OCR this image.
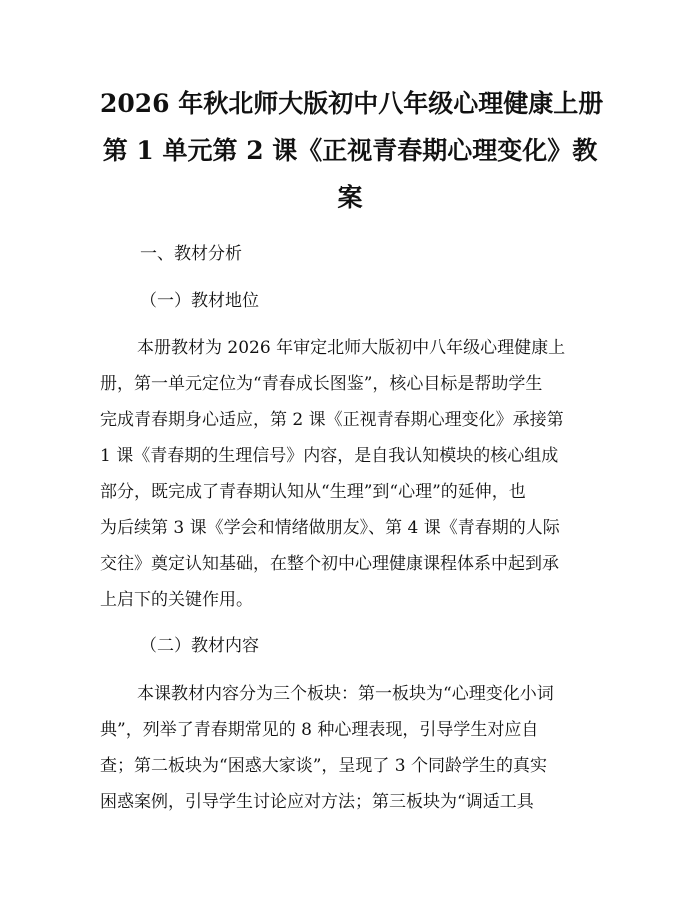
2026 年秋北师大版初中八年级心理健康上册
第 1 单元第 2 课《正视青春期心理变化》教
案

一、教材分析

（一）教材地位

本册教材为 2026 年审定北师大版初中八年级心理健康上

册，第一单元定位为“青春成长图鉴”，核心目标是帮助学生

完成青春期身心适应，第 2 课《正视青春期心理变化》承接第

1 课《青春期的生理信号》内容，是自我认知模块的核心组成

部分，既完成了青春期认知从“生理”到“心理”的延伸，也

为后续第 3 课《学会和情绪做朋友》、第 4 课《青春期的人际

交往》奠定认知基础，在整个初中心理健康课程体系中起到承

上启下的关键作用。

（二）教材内容

本课教材内容分为三个板块：第一板块为“心理变化小词

典”，列举了青春期常见的 8 种心理表现，引导学生对应自

查；第二板块为“困惑大家谈”，呈现了 3 个同龄学生的真实

困惑案例，引导学生讨论应对方法；第三板块为“调适工具
